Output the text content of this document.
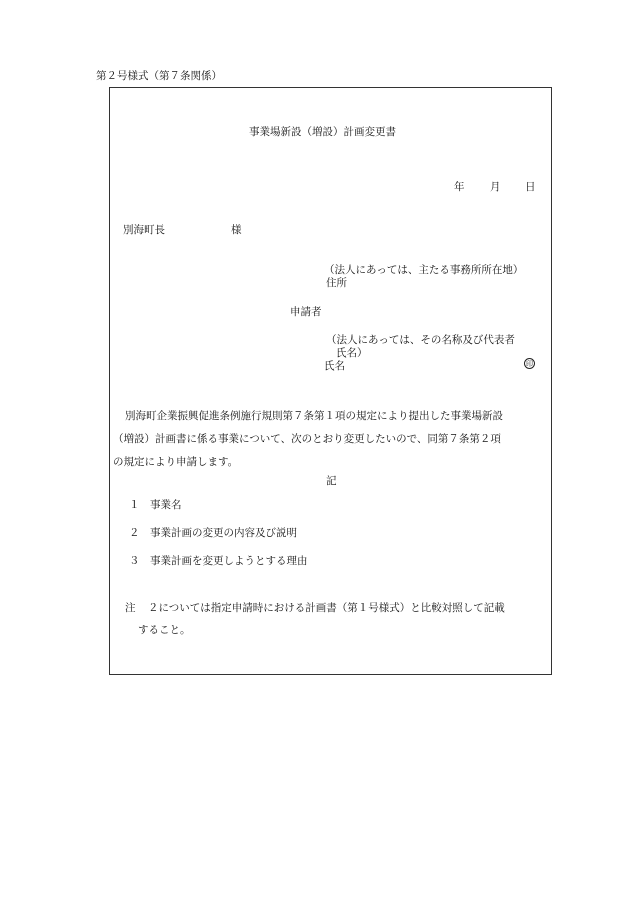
第２号様式（第７条関係）
事業場新設（増設）計画変更書
年 月 日
別海町長	様
（法人にあっては、主たる事務所所在地）
住所
申請者
（法人にあっては、その名称及び代表者
氏名）
氏名	印
別海町企業振興促進条例施行規則第７条第１項の規定により提出した事業場新設
（増設）計画書に係る事業について、次のとおり変更したいので、同第７条第２項
の規定により申請します。
記
１ 事業名
２ 事業計画の変更の内容及び説明
３ 事業計画を変更しようとする理由
注 ２については指定申請時における計画書（第１号様式）と比較対照して記載
すること。
